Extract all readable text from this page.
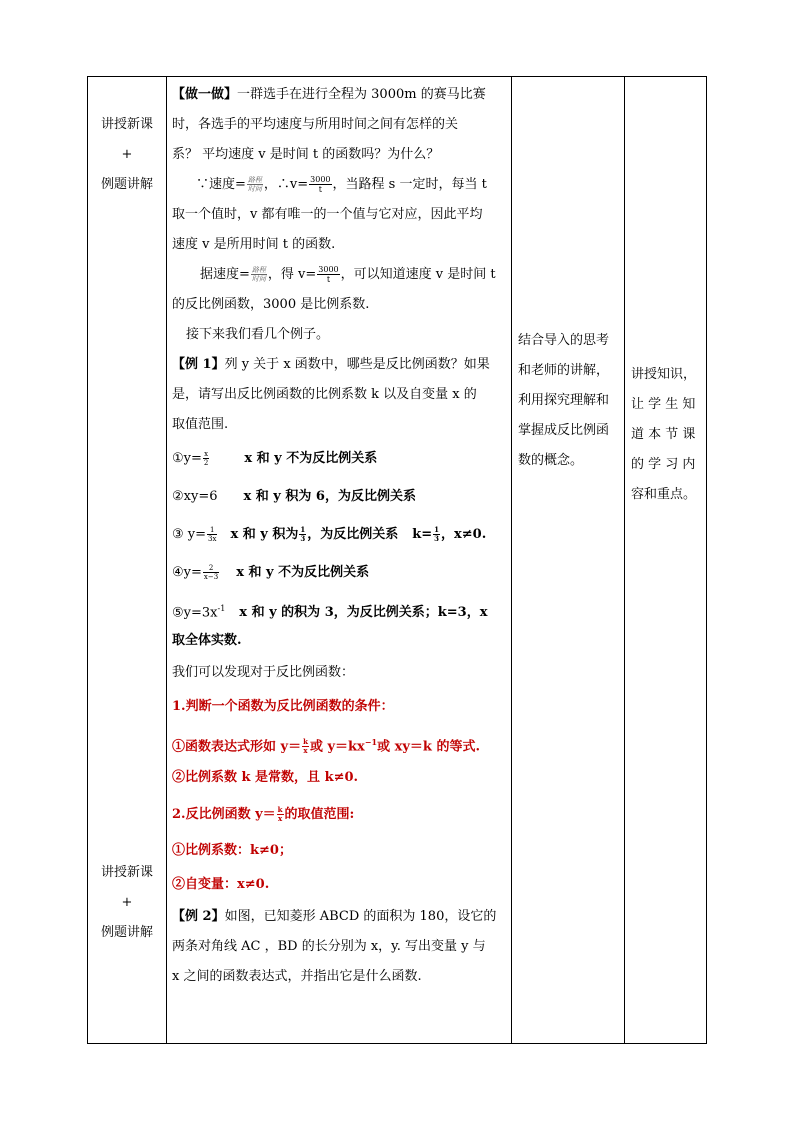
讲授新课
+
例题讲解
讲授新课
+
例题讲解
【做一做】一群选手在进行全程为 3000m 的赛马比赛
时，各选手的平均速度与所用时间之间有怎样的关
系？ 平均速度 v 是时间 t 的函数吗？为什么？
∵速度= $\frac{\text{路程}}{\text{时间}}$ ，∴v= $\frac{3000}{t}$ ，当路程 s 一定时，每当 t
取一个值时，v 都有唯一的一个值与它对应，因此平均
速度 v 是所用时间 t 的函数.
据速度= $\frac{\text{路程}}{\text{时间}}$ ，得 $v= \frac{3000}{t}$ ，可以知道速度 v 是时间 t
的反比例函数，3000 是比例系数.
接下来我们看几个例子。
【例 1】列 y 关于 x 函数中，哪些是反比例函数？如果
是，请写出反比例函数的比例系数 k 以及自变量 x 的
取值范围.
①y= $\frac{x}{2}$	x 和 y 不为反比例关系
②xy=6 x 和 y 积为 6，为反比例关系
③ $y= \frac{1}{3x}$ x 和 y 积为 $\frac{1}{3}$ ，为反比例关系 $k= \frac{1}{3}$ ，x≠0.
④y= $\frac{2}{x-3}$ x 和 y 不为反比例关系
$⑤y=3x^{-1}$ x 和 y 的积为 3，为反比例关系；k=3，x
取全体实数.
我们可以发现对于反比例函数：
1.判断一个函数为反比例函数的条件：
①函数表达式形如 $y= \frac{k}{x}$ 或 $y=kx^{-1}$或 xy＝k 的等式.
②比例系数 k 是常数，且 k≠0.
2.反比例函数 $y= \frac{k}{x}$ 的取值范围:
①比例系数：k≠0；
②自变量：x≠0.
【例 2】如图，已知菱形 ABCD 的面积为 180，设它的
两条对角线 AC ，BD 的长分别为 x，y. 写出变量 y 与
x 之间的函数表达式，并指出它是什么函数.
结合导入的思考
和老师的讲解，
利用探究理解和
掌握成反比例函
数的概念。
讲授知识，
让 学 生 知
道 本 节 课
的 学 习 内
容和重点。
